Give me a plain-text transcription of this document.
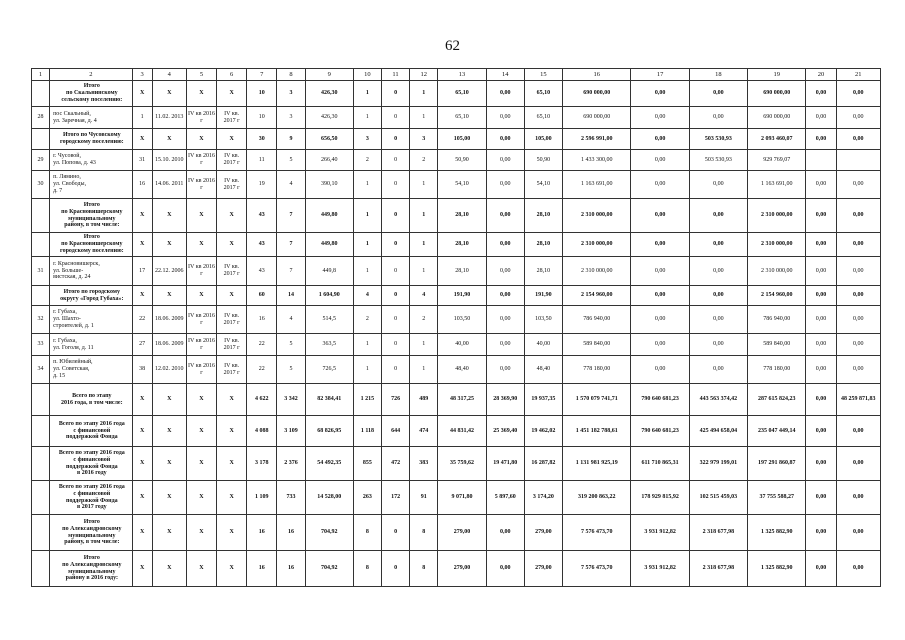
62
1	2	3	4	5	6	7	8	9	10	11	12	13	14	15	16	17	18	19	20	21

	Итого
по Скальнинскому
сельскому поселению:	X	X	X	X	10	3	426,30	1	0	1	65,10	0,00	65,10	690 000,00	0,00	0,00	690 000,00	0,00	0,00
28	пос Скальный,
ул. Заречная, д. 4	1	11.02. 2013	IV кв 2016 г	IV кв. 2017 г	10	3	426,30	1	0	1	65,10	0,00	65,10	690 000,00	0,00	0,00	690 000,00	0,00	0,00

	Итого по Чусовскому
городскому поселению:	X	X	X	X	30	9	656,50	3	0	3	105,00	0,00	105,00	2 596 991,00	0,00	503 530,93	2 093 460,07	0,00	0,00
29	г. Чусовой,
ул. Попова, д. 43	31	15.10. 2010	IV кв 2016 г	IV кв. 2017 г	11	5	266,40	2	0	2	50,90	0,00	50,90	1 433 300,00	0,00	503 530,93	929 769,07		
30	п. Лямино,
ул. Свободы,
д. 7	16	14.06. 2011	IV кв 2016 г	IV кв. 2017 г	19	4	390,10	1	0	1	54,10	0,00	54,10	1 163 691,00	0,00	0,00	1 163 691,00	0,00	0,00

	Итого
по Красновишерскому
муниципальному
району, в том числе:	X	X	X	X	43	7	449,80	1	0	1	28,10	0,00	28,10	2 310 000,00	0,00	0,00	2 310 000,00	0,00	0,00

	Итого
по Красновишерскому
городскому поселению:	X	X	X	X	43	7	449,80	1	0	1	28,10	0,00	28,10	2 310 000,00	0,00	0,00	2 310 000,00	0,00	0,00
31	г. Красновишерск,
ул. Больше-
вистская, д. 24	17	22.12. 2006	IV кв 2016 г	IV кв. 2017 г	43	7	449,8	1	0	1	28,10	0,00	28,10	2 310 000,00	0,00	0,00	2 310 000,00	0,00	0,00

	Итого по городскому
округу «Город Губаха»:	X	X	X	X	60	14	1 604,90	4	0	4	191,90	0,00	191,90	2 154 960,00	0,00	0,00	2 154 960,00	0,00	0,00
32	г. Губаха,
ул. Шахто-
строителей, д. 1	22	18.06. 2009	IV кв 2016 г	IV кв. 2017 г	16	4	514,5	2	0	2	103,50	0,00	103,50	786 940,00	0,00	0,00	786 940,00	0,00	0,00
33	г. Губаха,
ул. Гоголя, д. 11	27	18.06. 2009	IV кв 2016 г	IV кв. 2017 г	22	5	363,5	1	0	1	40,00	0,00	40,00	589 840,00	0,00	0,00	589 840,00	0,00	0,00
34	п. Юбилейный,
ул. Советская,
д. 15	38	12.02. 2010	IV кв 2016 г	IV кв. 2017 г	22	5	726,5	1	0	1	48,40	0,00	48,40	778 180,00	0,00	0,00	778 180,00	0,00	0,00

	Всего по этапу
2016 года, в том числе:	X	X	X	X	4 622	3 342	82 384,41	1 215	726	489	48 317,25	28 369,90	19 937,35	1 570 079 741,71	790 640 681,23	443 563 374,42	287 615 824,23	0,00	48 259 871,83

	Всего по этапу 2016 года
с финансовой
поддержкой Фонда	X	X	X	X	4 088	3 109	68 826,95	1 118	644	474	44 831,42	25 369,40	19 462,02	1 451 182 788,61	790 640 681,23	425 494 658,04	235 047 449,14	0,00	0,00

	Всего по этапу 2016 года
с финансовой
поддержкой Фонда
в 2016 году	X	X	X	X	3 178	2 376	54 492,35	855	472	383	35 759,62	19 471,80	16 287,82	1 131 981 925,19	611 710 865,31	322 979 199,01	197 291 860,87	0,00	0,00

	Всего по этапу 2016 года
с финансовой
поддержкой Фонда
в 2017 году	X	X	X	X	1 109	733	14 528,00	263	172	91	9 071,80	5 897,60	3 174,20	319 200 863,22	178 929 815,92	102 515 459,03	37 755 588,27	0,00	0,00

	Итого
по Александровскому
муниципальному
району, в том числе:	X	X	X	X	16	16	704,92	8	0	8	279,00	0,00	279,00	7 576 473,70	3 931 912,82	2 318 677,98	1 325 882,90	0,00	0,00

	Итого
по Александровскому
муниципальному
району в 2016 году:	X	X	X	X	16	16	704,92	8	0	8	279,00	0,00	279,00	7 576 473,70	3 931 912,82	2 318 677,98	1 325 882,90	0,00	0,00
